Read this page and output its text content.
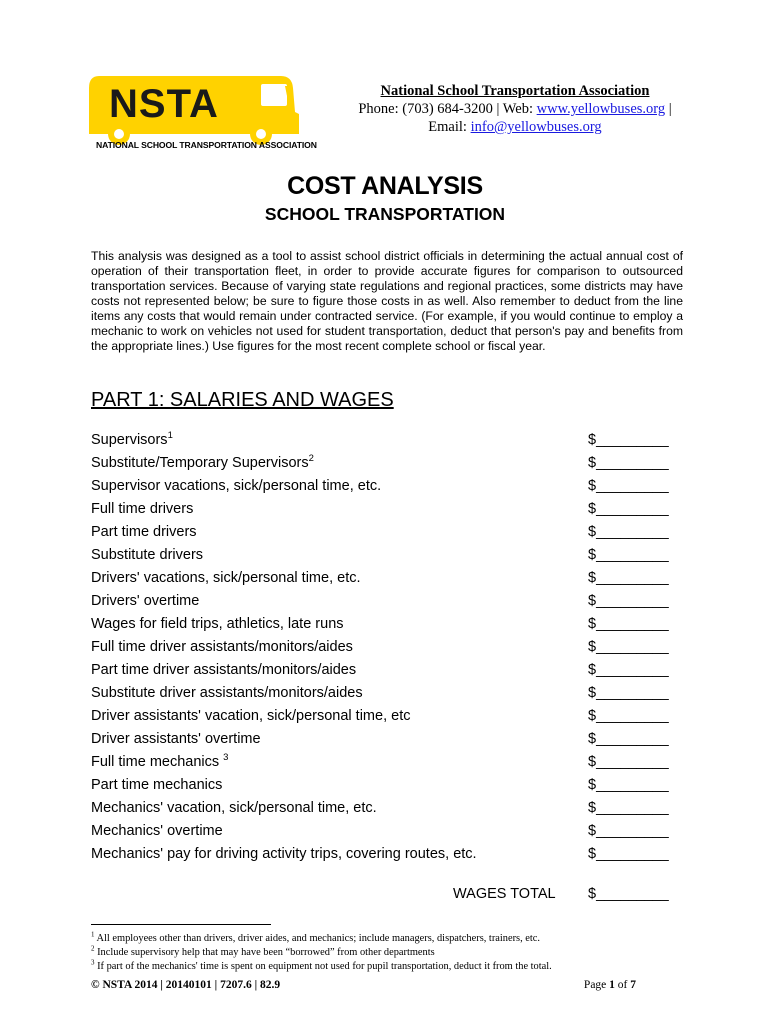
NSTA
NATIONAL SCHOOL TRANSPORTATION ASSOCIATION
National School Transportation Association
Phone: (703) 684-3200 | Web: www.yellowbuses.org |
Email: info@yellowbuses.org
COST ANALYSIS
SCHOOL TRANSPORTATION
This analysis was designed as a tool to assist school district officials in determining the actual annual cost of operation of their transportation fleet, in order to provide accurate figures for comparison to outsourced transportation services. Because of varying state regulations and regional practices, some districts may have costs not represented below; be sure to figure those costs in as well. Also remember to deduct from the line items any costs that would remain under contracted service. (For example, if you would continue to employ a mechanic to work on vehicles not used for student transportation, deduct that person's pay and benefits from the appropriate lines.) Use figures for the most recent complete school or fiscal year.
PART 1: SALARIES AND WAGES
Supervisors$^1$	$_________
Substitute/Temporary Supervisors$^2$	$_________
Supervisor vacations, sick/personal time, etc.	$_________
Full time drivers	$_________
Part time drivers	$_________
Substitute drivers	$_________
Drivers' vacations, sick/personal time, etc.	$_________
Drivers' overtime	$_________
Wages for field trips, athletics, late runs	$_________
Full time driver assistants/monitors/aides	$_________
Part time driver assistants/monitors/aides	$_________
Substitute driver assistants/monitors/aides	$_________
Driver assistants' vacation, sick/personal time, etc	$_________
Driver assistants' overtime	$_________
Full time mechanics $^3$	$_________
Part time mechanics	$_________
Mechanics' vacation, sick/personal time, etc.	$_________
Mechanics' overtime	$_________
Mechanics' pay for driving activity trips, covering routes, etc.	$_________
WAGES TOTAL $_________
$^1$ All employees other than drivers, driver aides, and mechanics; include managers, dispatchers, trainers, etc.
$^2$ Include supervisory help that may have been “borrowed” from other departments
$^3$ If part of the mechanics' time is spent on equipment not used for pupil transportation, deduct it from the total.
© NSTA 2014 | 20140101 | 7207.6 | 82.9	Page 1 of 7
